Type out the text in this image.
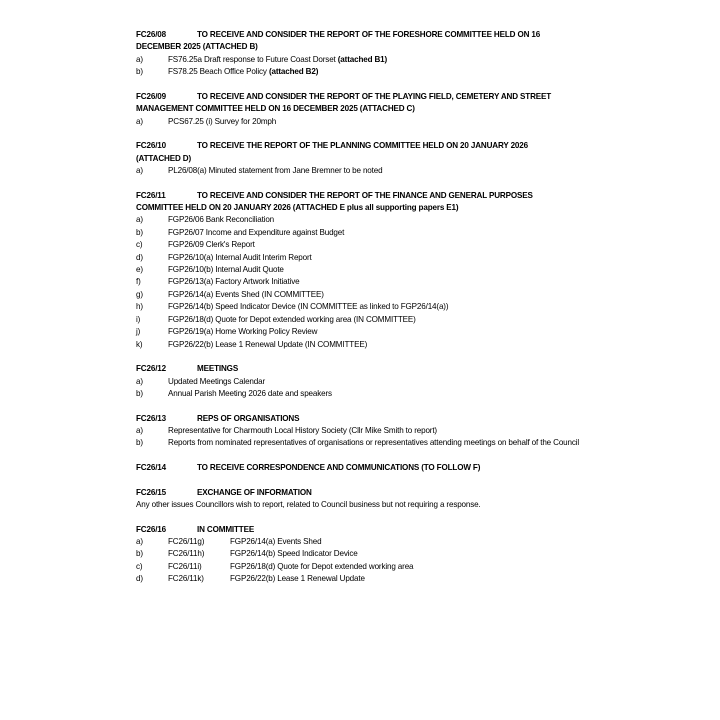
FC26/08	TO RECEIVE AND CONSIDER THE REPORT OF THE FORESHORE COMMITTEE HELD ON 16
DECEMBER 2025 (ATTACHED B)
a)	FS76.25a Draft response to Future Coast Dorset (attached B1)
b)	FS78.25 Beach Office Policy (attached B2)
FC26/09	TO RECEIVE AND CONSIDER THE REPORT OF THE PLAYING FIELD, CEMETERY AND STREET
MANAGEMENT COMMITTEE HELD ON 16 DECEMBER 2025 (ATTACHED C)
a)	PCS67.25 (i) Survey for 20mph
FC26/10	TO RECEIVE THE REPORT OF THE PLANNING COMMITTEE HELD ON 20 JANUARY 2026
(ATTACHED D)
a)	PL26/08(a) Minuted statement from Jane Bremner to be noted
FC26/11	TO RECEIVE AND CONSIDER THE REPORT OF THE FINANCE AND GENERAL PURPOSES
COMMITTEE HELD ON 20 JANUARY 2026 (ATTACHED E plus all supporting papers E1)
a)	FGP26/06 Bank Reconciliation
b)	FGP26/07 Income and Expenditure against Budget
c)	FGP26/09 Clerk's Report
d)	FGP26/10(a) Internal Audit Interim Report
e)	FGP26/10(b) Internal Audit Quote
f)	FGP26/13(a) Factory Artwork Initiative
g)	FGP26/14(a) Events Shed (IN COMMITTEE)
h)	FGP26/14(b) Speed Indicator Device (IN COMMITTEE as linked to FGP26/14(a))
i)	FGP26/18(d) Quote for Depot extended working area (IN COMMITTEE)
j)	FGP26/19(a) Home Working Policy Review
k)	FGP26/22(b) Lease 1 Renewal Update (IN COMMITTEE)
FC26/12	MEETINGS
a)	Updated Meetings Calendar
b)	Annual Parish Meeting 2026 date and speakers
FC26/13	REPS OF ORGANISATIONS
a)	Representative for Charmouth Local History Society (Cllr Mike Smith to report)
b)	Reports from nominated representatives of organisations or representatives attending meetings on behalf of the Council
FC26/14	TO RECEIVE CORRESPONDENCE AND COMMUNICATIONS (TO FOLLOW F)
FC26/15	EXCHANGE OF INFORMATION
Any other issues Councillors wish to report, related to Council business but not requiring a response.
FC26/16	IN COMMITTEE
a)	FC26/11g)	FGP26/14(a) Events Shed
b)	FC26/11h)	FGP26/14(b) Speed Indicator Device
c)	FC26/11i)	FGP26/18(d) Quote for Depot extended working area
d)	FC26/11k)	FGP26/22(b) Lease 1 Renewal Update
